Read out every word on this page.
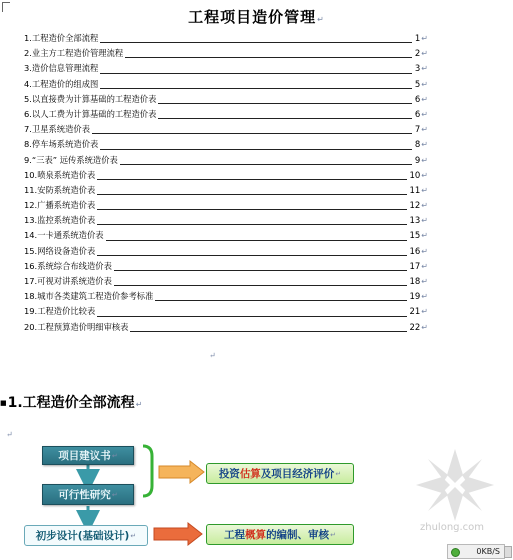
工程项目造价管理↵
1.工程造价全部流程	1↵
2.业主方工程造价管理流程	2↵
3.造价信息管理流程	3↵
4.工程造价的组成图	5↵
5.以直接费为计算基础的工程造价表	6↵
6.以人工费为计算基础的工程造价表	6↵
7.卫星系统造价表	7↵
8.停车场系统造价表	8↵
9.“三表” 远传系统造价表	9↵
10.喷泉系统造价表	10↵
11.安防系统造价表	11↵
12.广播系统造价表	12↵
13.监控系统造价表	13↵
14.一卡通系统造价表	15↵
15.网络设备造价表	16↵
16.系统综合布线造价表	17↵
17.可视对讲系统造价表	18↵
18.城市各类建筑工程造价参考标准	19↵
19.工程造价比较表	21↵
20.工程预算造价明细审核表	22↵
↵
■1.工程造价全部流程↵
↵
项目建议书 ↵
可行性研究 ↵
初步设计(基础设计) ↵
投资 估算 及项目经济评价 ↵
工程 概算 的编制、审核 ↵
zhulong.com
0KB/S
